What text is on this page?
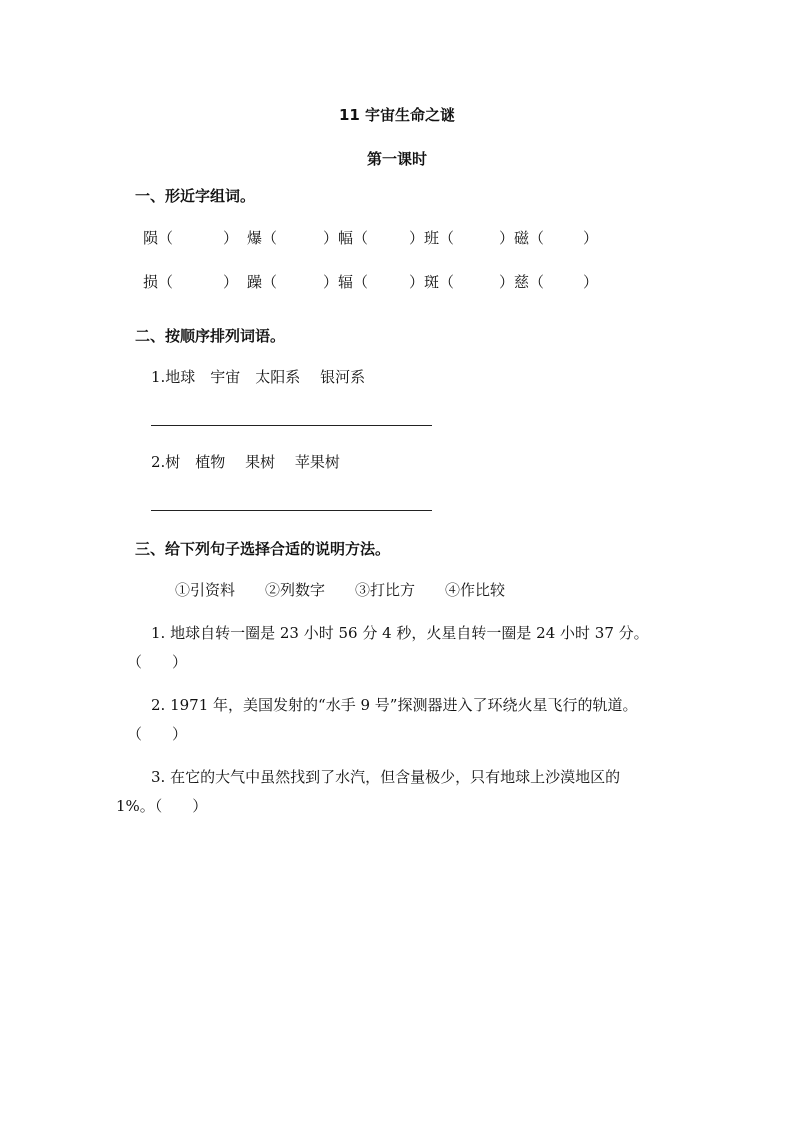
11 宇宙生命之谜
第一课时
一、形近字组词。
陨（	） 爆（	）幅（	）班（	）磁（	）
损（	） 躁（	）辐（	）斑（	）慈（	）
二、按顺序排列词语。
1.地球　宇宙　太阳系　 银河系
2.树　植物　 果树　 苹果树
三、给下列句子选择合适的说明方法。
①引资料　　②列数字　　③打比方　　④作比较
1. 地球自转一圈是 23 小时 56 分 4 秒，火星自转一圈是 24 小时 37 分。
（　　）
2. 1971 年，美国发射的“水手 9 号”探测器进入了环绕火星飞行的轨道。
（　　）
3. 在它的大气中虽然找到了水汽，但含量极少，只有地球上沙漠地区的
1%。（　　）
